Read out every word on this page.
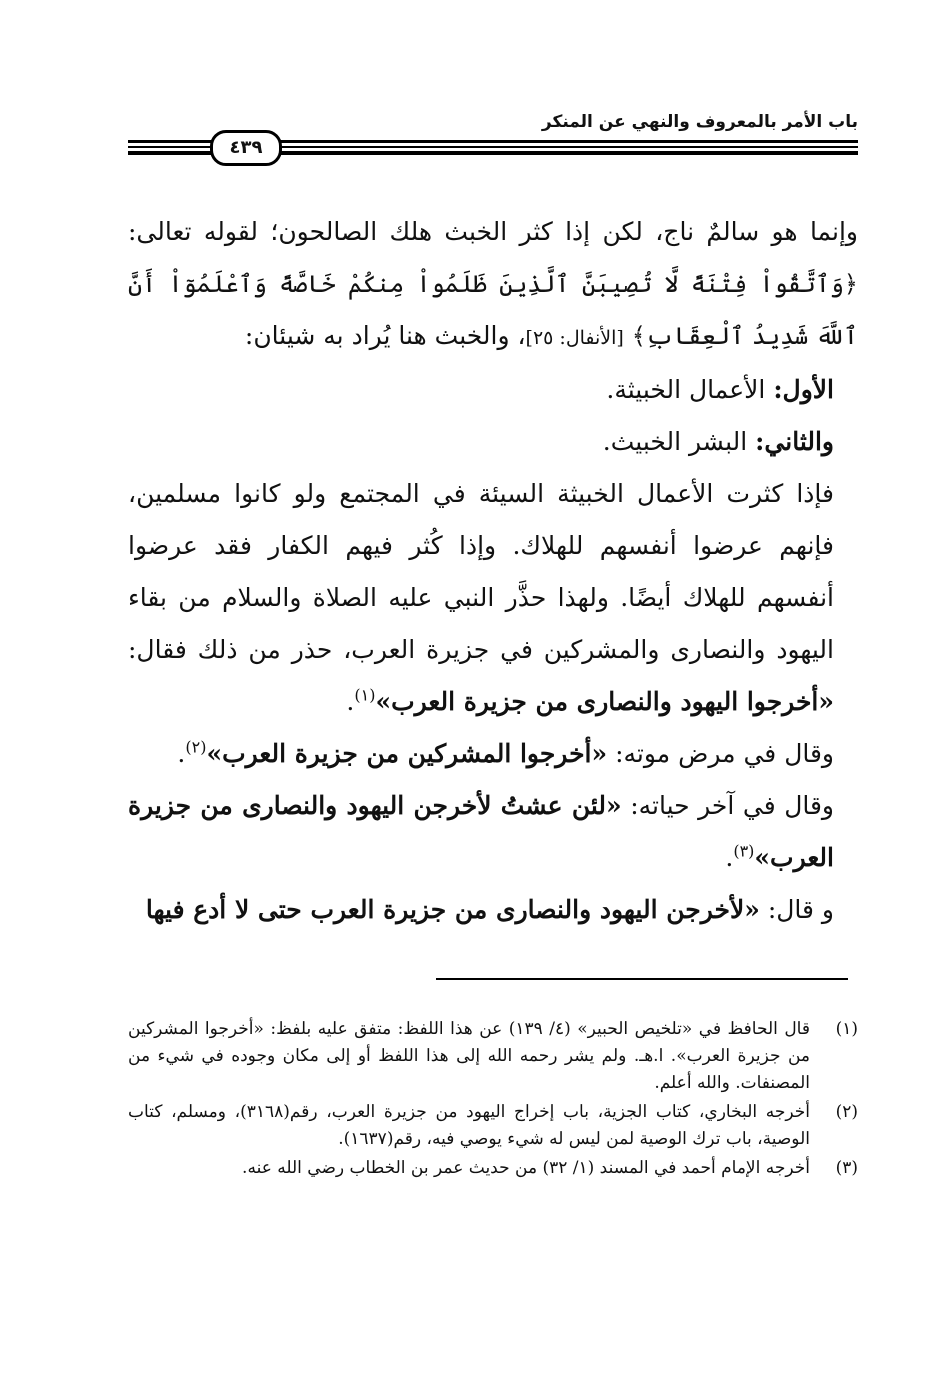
باب الأمر بالمعروف والنهي عن المنكر
٤٣٩

وإنما هو سالمٌ ناج، لكن إذا كثر الخبث هلك الصالحون؛ لقوله تعالى: ﴿وَٱتَّقُواْ فِتْنَةً لَّا تُصِيبَنَّ ٱلَّذِينَ ظَلَمُواْ مِنكُمْ خَاصَّةً وَٱعْلَمُوٓاْ أَنَّ ٱللَّهَ شَدِيدُ ٱلْعِقَابِ﴾ [الأنفال: ٢٥]، والخبث هنا يُراد به شيئان:

الأول: الأعمال الخبيثة.

والثاني: البشر الخبيث.

فإذا كثرت الأعمال الخبيثة السيئة في المجتمع ولو كانوا مسلمين، فإنهم عرضوا أنفسهم للهلاك. وإذا كُثر فيهم الكفار فقد عرضوا أنفسهم للهلاك أيضًا. ولهذا حذَّر النبي عليه الصلاة والسلام من بقاء اليهود والنصارى والمشركين في جزيرة العرب، حذر من ذلك فقال: «أخرجوا اليهود والنصارى من جزيرة العرب»$^{(١)}$.

وقال في مرض موته: «أخرجوا المشركين من جزيرة العرب»$^{(٢)}$.

وقال في آخر حياته: «لئن عشتُ لأخرجن اليهود والنصارى من جزيرة العرب»$^{(٣)}$.

و قال: «لأخرجن اليهود والنصارى من جزيرة العرب حتى لا أدع فيها

(١)
قال الحافظ في «تلخيص الحبير» (٤/ ١٣٩) عن هذا اللفظ: متفق عليه بلفظ: «أخرجوا المشركين من جزيرة العرب». ا.هـ. ولم يشر رحمه الله إلى هذا اللفظ أو إلى مكان وجوده في شيء من المصنفات. والله أعلم.
(٢)
أخرجه البخاري، كتاب الجزية، باب إخراج اليهود من جزيرة العرب، رقم(٣١٦٨)، ومسلم، كتاب الوصية، باب ترك الوصية لمن ليس له شيء يوصي فيه، رقم(١٦٣٧).
(٣)
أخرجه الإمام أحمد في المسند (١/ ٣٢) من حديث عمر بن الخطاب رضي الله عنه.
